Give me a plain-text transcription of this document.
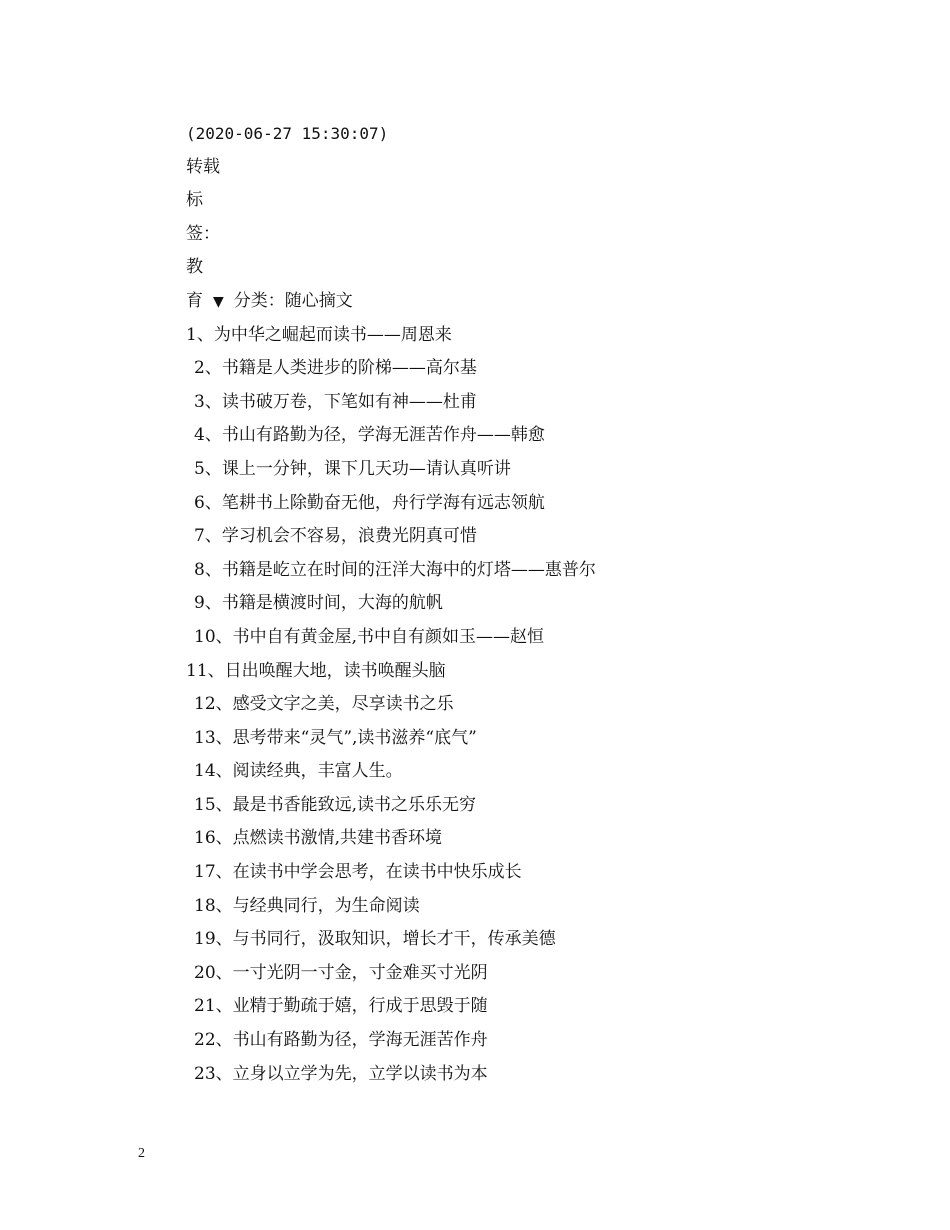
(2020-06-27 15:30:07)
转载
标
签：
教
育 ▼ 分类：随心摘文
1、为中华之崛起而读书——周恩来
2、书籍是人类进步的阶梯——高尔基
3、读书破万卷，下笔如有神——杜甫
4、书山有路勤为径，学海无涯苦作舟——韩愈
5、课上一分钟，课下几天功—请认真听讲
6、笔耕书上除勤奋无他，舟行学海有远志领航
7、学习机会不容易，浪费光阴真可惜
8、书籍是屹立在时间的汪洋大海中的灯塔——惠普尔
9、书籍是横渡时间，大海的航帆
10、书中自有黄金屋,书中自有颜如玉——赵恒
11、日出唤醒大地，读书唤醒头脑
12、感受文字之美，尽享读书之乐
13、思考带来“灵气”,读书滋养“底气”
14、阅读经典，丰富人生。
15、最是书香能致远,读书之乐乐无穷
16、点燃读书激情,共建书香环境
17、在读书中学会思考，在读书中快乐成长
18、与经典同行，为生命阅读
19、与书同行，汲取知识，增长才干，传承美德
20、一寸光阴一寸金，寸金难买寸光阴
21、业精于勤疏于嬉，行成于思毁于随
22、书山有路勤为径，学海无涯苦作舟
23、立身以立学为先，立学以读书为本
2
